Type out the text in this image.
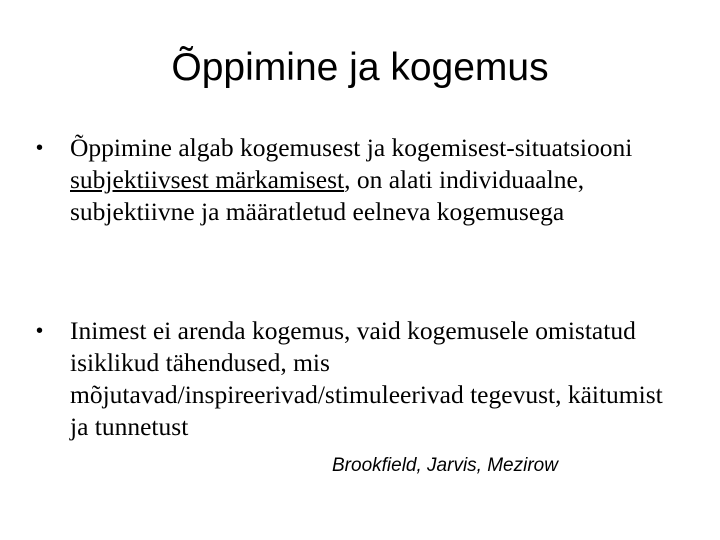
Õppimine ja kogemus
•	Õppimine algab kogemusest ja kogemisest-situatsiooni subjektiivsest märkamisest, on alati individuaalne, subjektiivne ja määratletud eelneva kogemusega
•	Inimest ei arenda kogemus, vaid kogemusele omistatud isiklikud tähendused, mis mõjutavad/inspireerivad/stimuleerivad tegevust, käitumist ja tunnetust
Brookfield, Jarvis, Mezirow
